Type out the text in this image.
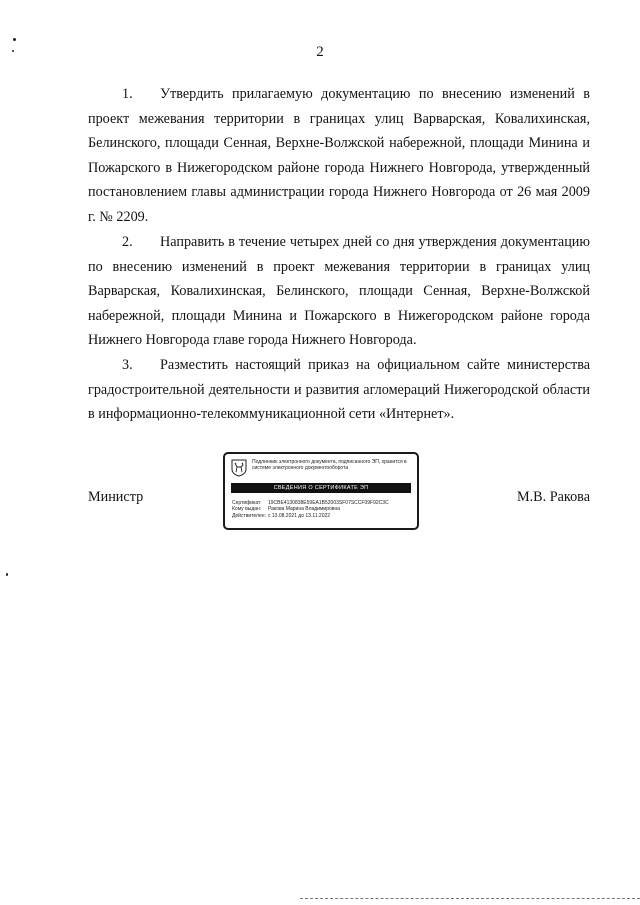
2
1. Утвердить прилагаемую документацию по внесению изменений в проект межевания территории в границах улиц Варварская, Ковалихинская, Белинского, площади Сенная, Верхне-Волжской набережной, площади Минина и Пожарского в Нижегородском районе города Нижнего Новгорода, утвержденный постановлением главы администрации города Нижнего Новгорода от 26 мая 2009 г. № 2209.
2. Направить в течение четырех дней со дня утверждения документацию по внесению изменений в проект межевания территории в границах улиц Варварская, Ковалихинская, Белинского, площади Сенная, Верхне-Волжской набережной, площади Минина и Пожарского в Нижегородском районе города Нижнего Новгорода главе города Нижнего Новгорода.
3. Разместить настоящий приказ на официальном сайте министерства градостроительной деятельности и развития агломераций Нижегородской области в информационно-телекоммуникационной сети «Интернет».
Министр
Подлинник электронного документа, подписанного ЭП, хранится в системе электронного документооборота
СВЕДЕНИЯ О СЕРТИФИКАТЕ ЭП
Сертификат: 19CBE4130838E59EA1B52003SF07SCCF09F92C3C
Кому выдан: Ракова Марина Владимировна
Действителен: с 13.08.2021 до 13.11.2022
М.В. Ракова
